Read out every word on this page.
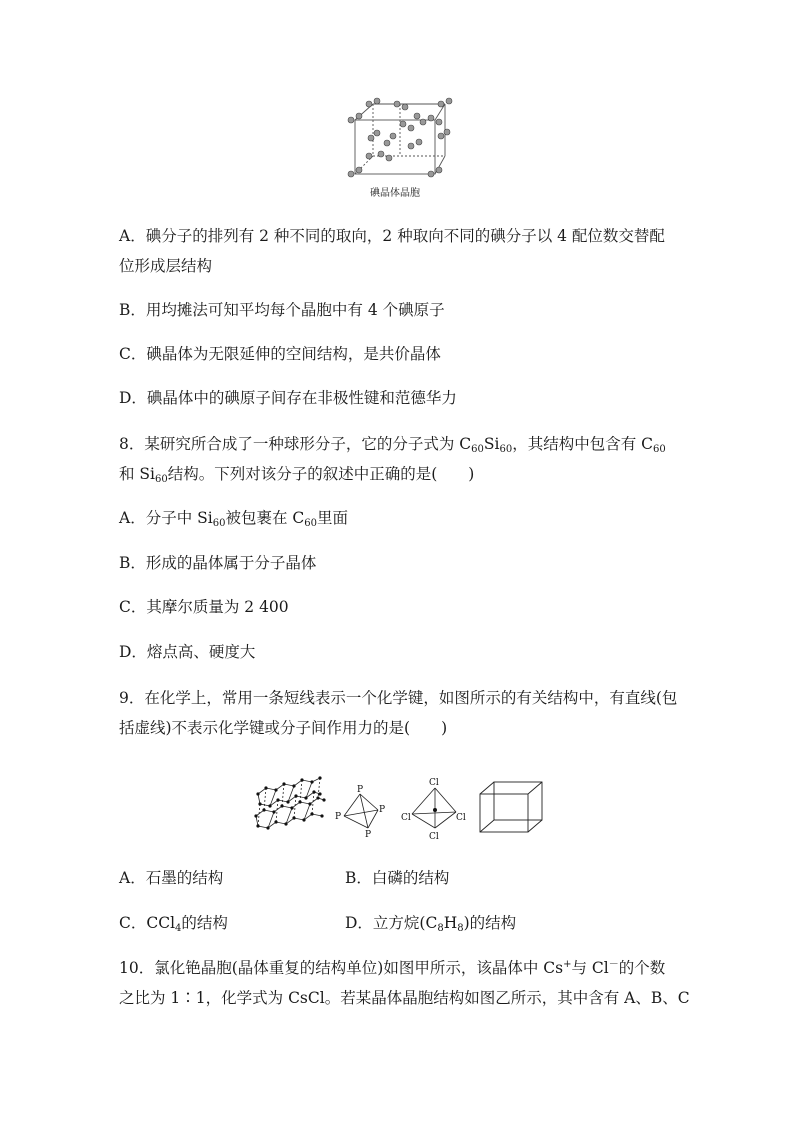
碘晶体晶胞
A．碘分子的排列有 2 种不同的取向，2 种取向不同的碘分子以 4 配位数交替配
位形成层结构
B．用均摊法可知平均每个晶胞中有 4 个碘原子
C．碘晶体为无限延伸的空间结构，是共价晶体
D．碘晶体中的碘原子间存在非极性键和范德华力
8．某研究所合成了一种球形分子，它的分子式为 $C_{60}Si_{60}$，其结构中包含有 $C_{60}$
和 $Si_{60}$结构。下列对该分子的叙述中正确的是(　　)
A．分子中 $Si_{60}$被包裹在 $C_{60}$里面
B．形成的晶体属于分子晶体
C．其摩尔质量为 2 400
D．熔点高、硬度大
9．在化学上，常用一条短线表示一个化学键，如图所示的有关结构中，有直线(包
括虚线)不表示化学键或分子间作用力的是(　　)
P
P
P
P
Cl
Cl	Cl
Cl
A．石墨的结构	B．白磷的结构
C．CCl$_4$的结构	D．立方烷$(C_8H_8)$的结构
10．氯化铯晶胞(晶体重复的结构单位)如图甲所示，该晶体中 Cs+与 Cl－的个数
之比为 1∶1，化学式为 CsCl。若某晶体晶胞结构如图乙所示，其中含有 A、B、C
